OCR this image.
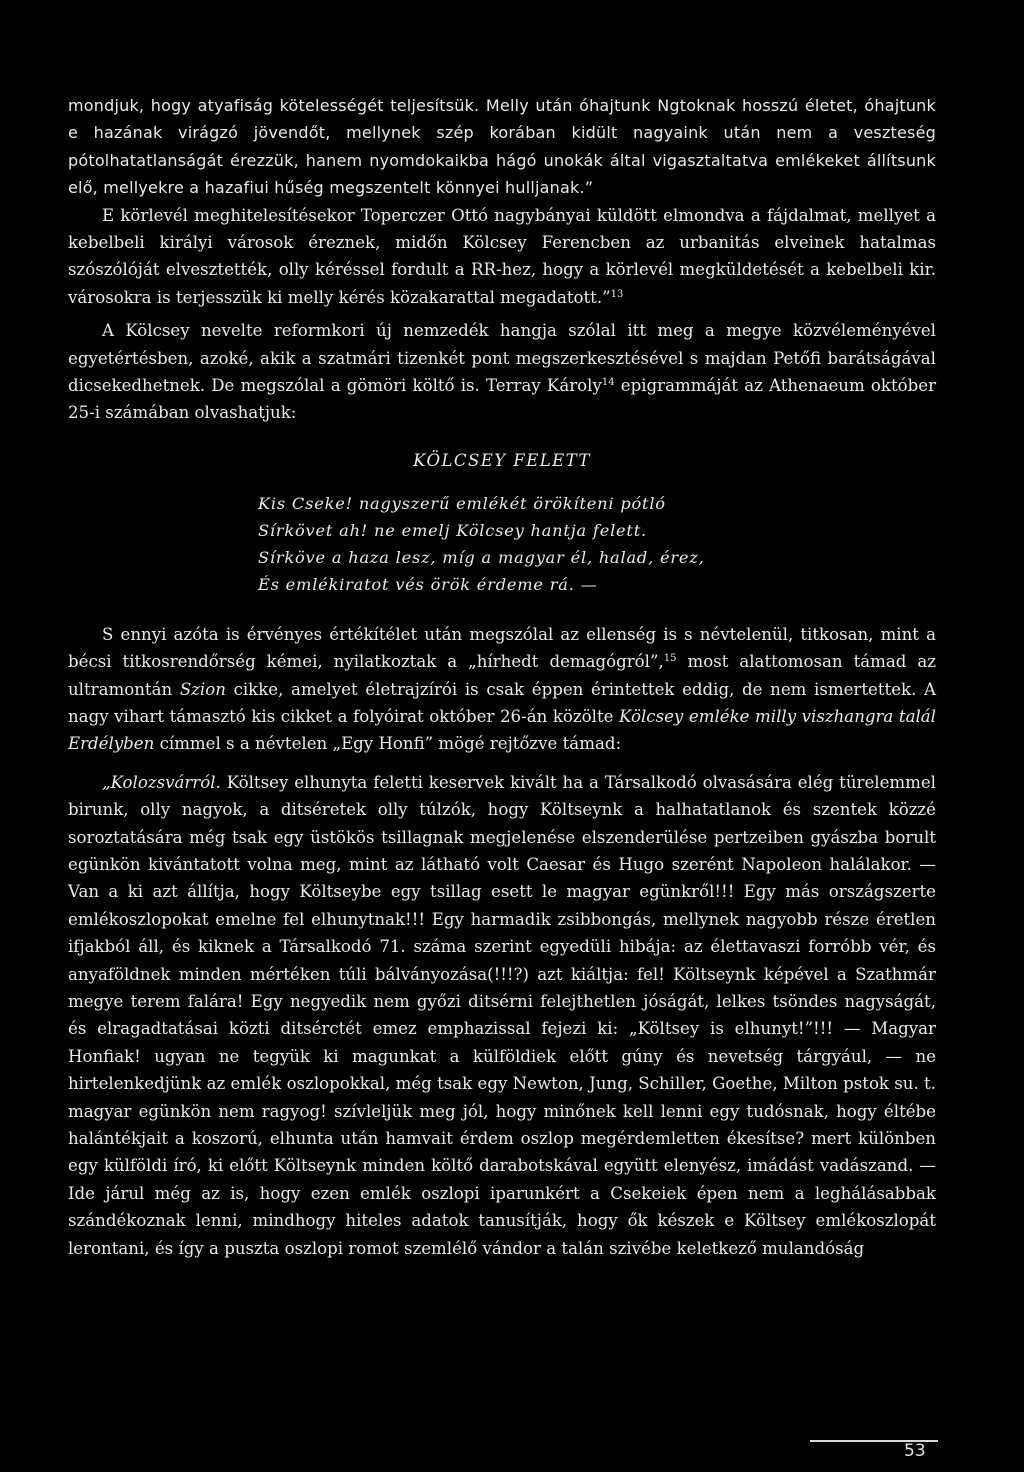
mondjuk, hogy atyafiság kötelességét teljesítsük. Melly után óhajtunk Ngtoknak hosszú életet, óhajtunk e hazának virágzó jövendőt, mellynek szép korában kidült nagyaink után nem a veszteség pótolhatatlanságát érezzük, hanem nyomdokaikba hágó unokák által vigasztaltatva emlékeket állítsunk elő, mellyekre a hazafiui hűség megszentelt könnyei hulljanak.”

E körlevél meghitelesítésekor Toperczer Ottó nagybányai küldött elmondva a fájdalmat, mellyet a kebelbeli királyi városok éreznek, midőn Kölcsey Ferencben az urbanitás elveinek hatalmas szószólóját elvesztették, olly kéréssel fordult a RR-hez, hogy a körlevél megküldetését a kebelbeli kir. városokra is terjesszük ki melly kérés közakarattal megadatott.”$^{13}$

A Kölcsey nevelte reformkori új nemzedék hangja szólal itt meg a megye közvéleményével egyetértésben, azoké, akik a szatmári tizenkét pont megszerkesztésével s majdan Petőfi barátságával dicsekedhetnek. De megszólal a gömöri költő is. Terray Károly$^{14}$ epigrammáját az Athenaeum október 25-i számában olvashatjuk:

KÖLCSEY FELETT
Kis Cseke! nagyszerű emlékét örökíteni pótló
Sírkövet ah! ne emelj Kölcsey hantja felett.
Sírköve a haza lesz, míg a magyar él, halad, érez,
És emlékiratot vés örök érdeme rá. —

S ennyi azóta is érvényes értékítélet után megszólal az ellenség is s névtelenül, titkosan, mint a bécsi titkosrendőrség kémei, nyilatkoztak a „hírhedt demagógról”,$^{15}$ most alattomosan támad az ultramontán Szion cikke, amelyet életrajzírói is csak éppen érintettek eddig, de nem ismertettek. A nagy vihart támasztó kis cikket a folyóirat október 26-án közölte Kölcsey emléke milly viszhangra talál Erdélyben címmel s a névtelen „Egy Honfi” mögé rejtőzve támad:

„Kolozsvárról. Költsey elhunyta feletti keservek kivált ha a Társalkodó olvasására elég türelemmel birunk, olly nagyok, a ditséretek olly túlzók, hogy Költseynk a halhatatlanok és szentek közzé soroztatására még tsak egy üstökös tsillagnak megjelenése elszenderülése pertzeiben gyászba borult egünkön kivántatott volna meg, mint az látható volt Caesar és Hugo szerént Napoleon halálakor. — Van a ki azt állítja, hogy Költseybe egy tsillag esett le magyar egünkről!!! Egy más országszerte emlékoszlopokat emelne fel elhunytnak!!! Egy harmadik zsibbongás, mellynek nagyobb része éretlen ifjakból áll, és kiknek a Társalkodó 71. száma szerint egyedüli hibája: az élettavaszi forróbb vér, és anyaföldnek minden mértéken túli bálványozása(!!!?) azt kiáltja: fel! Költseynk képével a Szathmár megye terem falára! Egy negyedik nem győzi ditsérni felejthetlen jóságát, lelkes tsöndes nagyságát, és elragadtatásai közti ditsérctét emez emphazissal fejezi ki: „Költsey is elhunyt!”!!! — Magyar Honfiak! ugyan ne tegyük ki magunkat a külföldiek előtt gúny és nevetség tárgyául, — ne hirtelenkedjünk az emlék oszlopokkal, még tsak egy Newton, Jung, Schiller, Goethe, Milton pstok su. t. magyar egünkön nem ragyog! szívleljük meg jól, hogy minőnek kell lenni egy tudósnak, hogy éltébe halántékjait a koszorú, elhunta után hamvait érdem oszlop megérdemletten ékesítse? mert különben egy külföldi író, ki előtt Költseynk minden költő darabotskával együtt elenyész, imádást vadászand. — Ide járul még az is, hogy ezen emlék oszlopi iparunkért a Csekeiek épen nem a leghálásabbak szándékoznak lenni, mindhogy hiteles adatok tanusítják, hogy ők készek e Költsey emlékoszlopát lerontani, és így a puszta oszlopi romot szemlélő vándor a talán szivébe keletkező mulandóság

53
